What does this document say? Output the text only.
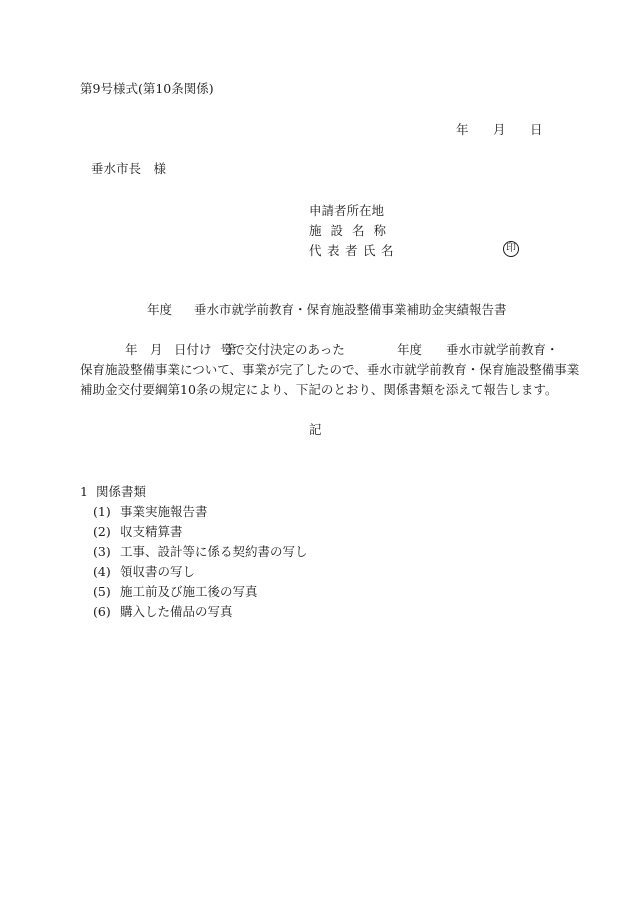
第9号様式(第10条関係)
年 月 日
垂水市長　様
申請者所在地
施設名称
代表者氏名	印
年度 垂水市就学前教育・保育施設整備事業補助金実績報告書
年 月 日付け　第
号で交付決定のあった	年度 垂水市就学前教育・
保育施設整備事業について、事業が完了したので、垂水市就学前教育・保育施設整備事業
補助金交付要綱第10条の規定により、下記のとおり、関係書類を添えて報告します。
記
1 関係書類
(1) 事業実施報告書
(2) 収支精算書
(3) 工事、設計等に係る契約書の写し
(4) 領収書の写し
(5) 施工前及び施工後の写真
(6) 購入した備品の写真
